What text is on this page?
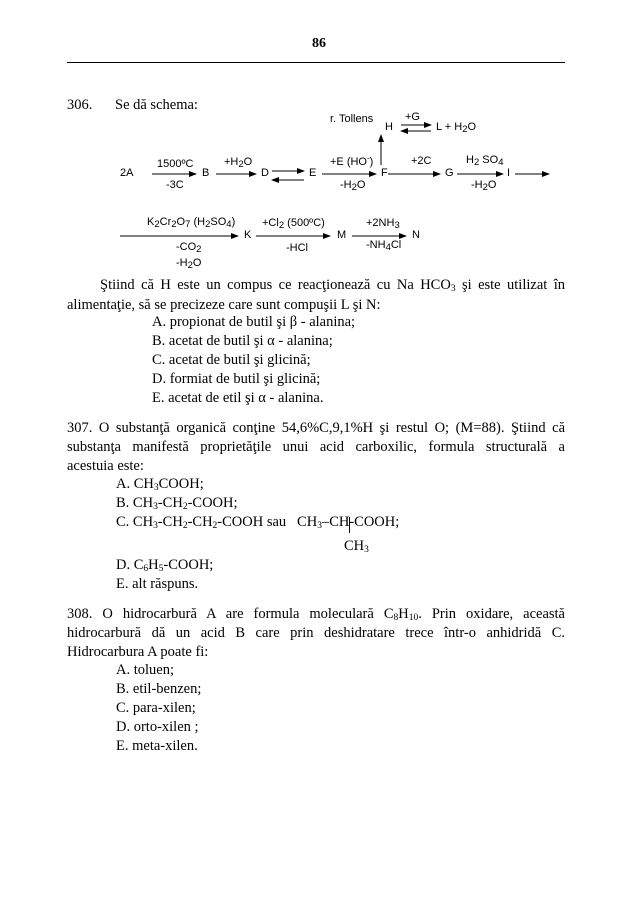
86
306. Se dă schema:
2A
1500ºC
-3C
B
$+H_2O$
D	E
+E (HO-)
$-H_2O$
F
+2C
G
$H_2$ $SO_4$
$-H_2O$
I
r. Tollens
H
+G
$L + H_2O$
$K_2Cr_2O_7$ $(H_2SO_4)$
$-CO_2$
$-H_2O$
K
$+Cl_2$ (500ºC)
-HCl
M
$+2NH_3$
$-NH_4Cl$
N
Ştiind că H este un compus ce reacţionează cu Na $HCO_3$ şi este utilizat în
alimentaţie, să se precizeze care sunt compuşii L şi N:
A. propionat de butil şi β - alanina;
B. acetat de butil şi α - alanina;
C. acetat de butil şi glicină;
D. formiat de butil şi glicină;
E. acetat de etil şi α - alanina.
307. O substanţă organică conţine 54,6%C,9,1%H şi restul O; (M=88). Ştiind că
substanţa manifestă proprietăţile unui acid carboxilic, formula structurală a
acestuia este:
A. $CH_3COOH$;
B. $CH_3-CH_2$-COOH;
C. $CH_3-CH_2-CH_2$-COOH sau   $CH_3-CH$-COOH;
$CH_3$
D. $C_6H_5$-COOH;
E. alt răspuns.
308. O hidrocarbură A are formula moleculară $C_8H_{10}$. Prin oxidare, această
hidrocarbură dă un acid B care prin deshidratare trece într-o anhidridă C.
Hidrocarbura A poate fi:
A. toluen;
B. etil-benzen;
C. para-xilen;
D. orto-xilen ;
E. meta-xilen.
